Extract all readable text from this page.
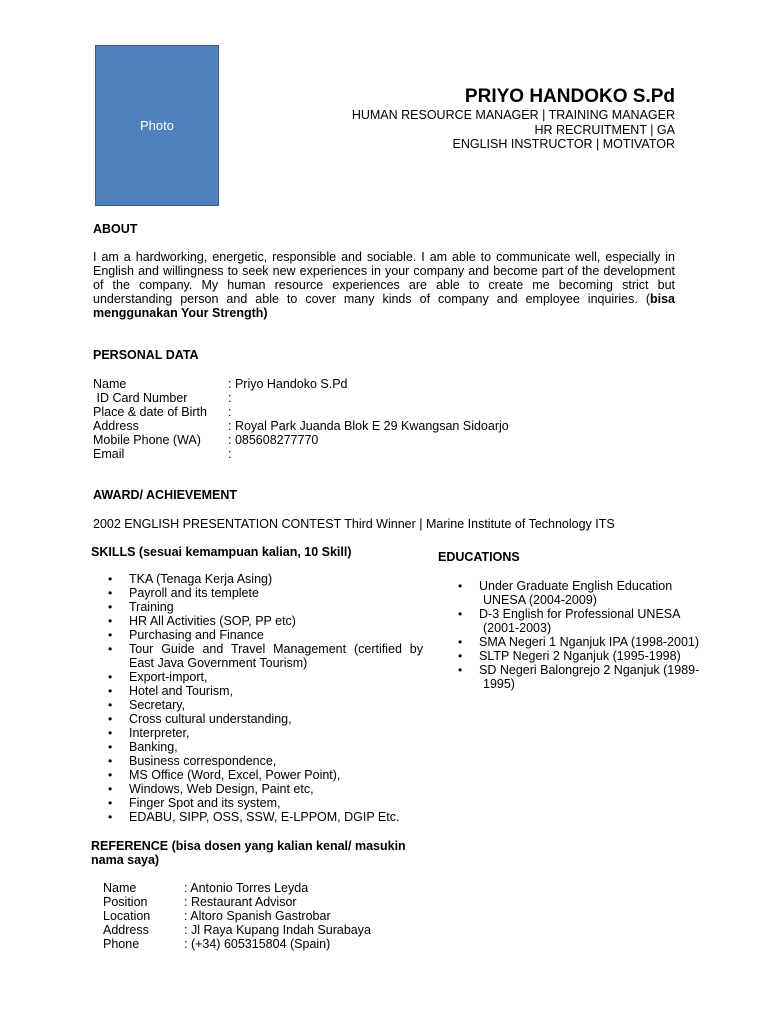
Photo
PRIYO HANDOKO S.Pd
HUMAN RESOURCE MANAGER | TRAINING MANAGER
HR RECRUITMENT | GA
ENGLISH INSTRUCTOR | MOTIVATOR
ABOUT
I am a hardworking, energetic, responsible and sociable. I am able to communicate well, especially in English and willingness to seek new experiences in your company and become part of the development of the company. My human resource experiences are able to create me becoming strict but understanding person and able to cover many kinds of company and employee inquiries. (bisa menggunakan Your Strength)
PERSONAL DATA
Name	: Priyo Handoko S.Pd
ID Card Number	:
Place & date of Birth	:
Address	: Royal Park Juanda Blok E 29 Kwangsan Sidoarjo
Mobile Phone (WA)	: 085608277770
Email	:
AWARD/ ACHIEVEMENT
2002 ENGLISH PRESENTATION CONTEST Third Winner | Marine Institute of Technology ITS
SKILLS (sesuai kemampuan kalian, 10 Skill)
• TKA (Tenaga Kerja Asing)
• Payroll and its templete
• Training
• HR All Activities (SOP, PP etc)
• Purchasing and Finance
• Tour Guide and Travel Management (certified by East Java Government Tourism)
• Export-import,
• Hotel and Tourism,
• Secretary,
• Cross cultural understanding,
• Interpreter,
• Banking,
• Business correspondence,
• MS Office (Word, Excel, Power Point),
• Windows, Web Design, Paint etc,
• Finger Spot and its system,
• EDABU, SIPP, OSS, SSW, E-LPPOM, DGIP Etc.
EDUCATIONS
• Under Graduate English Education
UNESA (2004-2009)
• D-3 English for Professional UNESA
(2001-2003)
• SMA Negeri 1 Nganjuk IPA (1998-2001)
• SLTP Negeri 2 Nganjuk (1995-1998)
• SD Negeri Balongrejo 2 Nganjuk (1989-
1995)
REFERENCE (bisa dosen yang kalian kenal/ masukin
nama saya)
Name	: Antonio Torres Leyda
Position	: Restaurant Advisor
Location	: Altoro Spanish Gastrobar
Address	: Jl Raya Kupang Indah Surabaya
Phone	: (+34) 605315804 (Spain)
